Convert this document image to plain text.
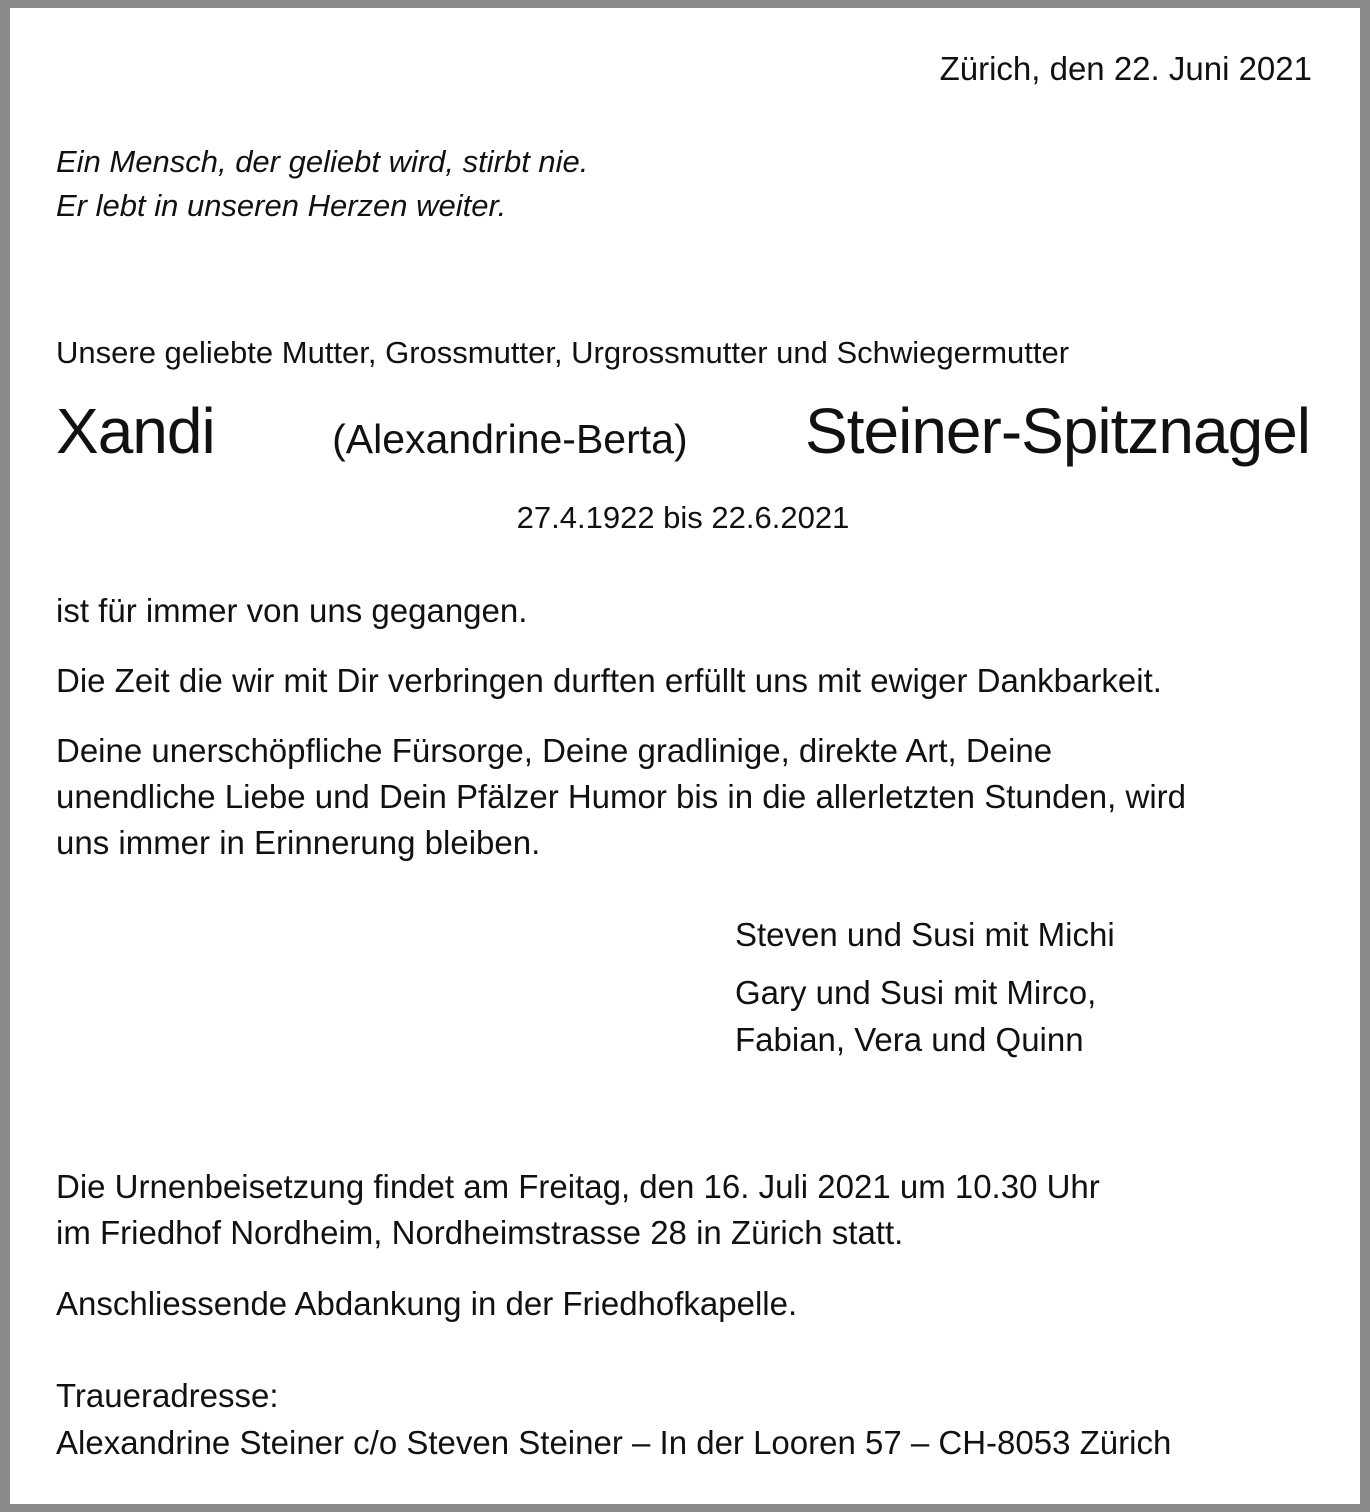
Zürich, den 22. Juni 2021

Ein Mensch, der geliebt wird, stirbt nie.

Er lebt in unseren Herzen weiter.

Unsere geliebte Mutter, Grossmutter, Urgrossmutter und Schwiegermutter

Xandi	(Alexandrine-Berta) Steiner-Spitznagel

27.4.1922 bis 22.6.2021

ist für immer von uns gegangen.

Die Zeit die wir mit Dir verbringen durften erfüllt uns mit ewiger Dankbarkeit.

Deine unerschöpfliche Fürsorge, Deine gradlinige, direkte Art, Deine

unendliche Liebe und Dein Pfälzer Humor bis in die allerletzten Stunden, wird

uns immer in Erinnerung bleiben.

Steven und Susi mit Michi

Gary und Susi mit Mirco,

Fabian, Vera und Quinn

Die Urnenbeisetzung findet am Freitag, den 16. Juli 2021 um 10.30 Uhr

im Friedhof Nordheim, Nordheimstrasse 28 in Zürich statt.

Anschliessende Abdankung in der Friedhofkapelle.

Traueradresse:

Alexandrine Steiner c/o Steven Steiner – In der Looren 57 – CH-8053 Zürich
